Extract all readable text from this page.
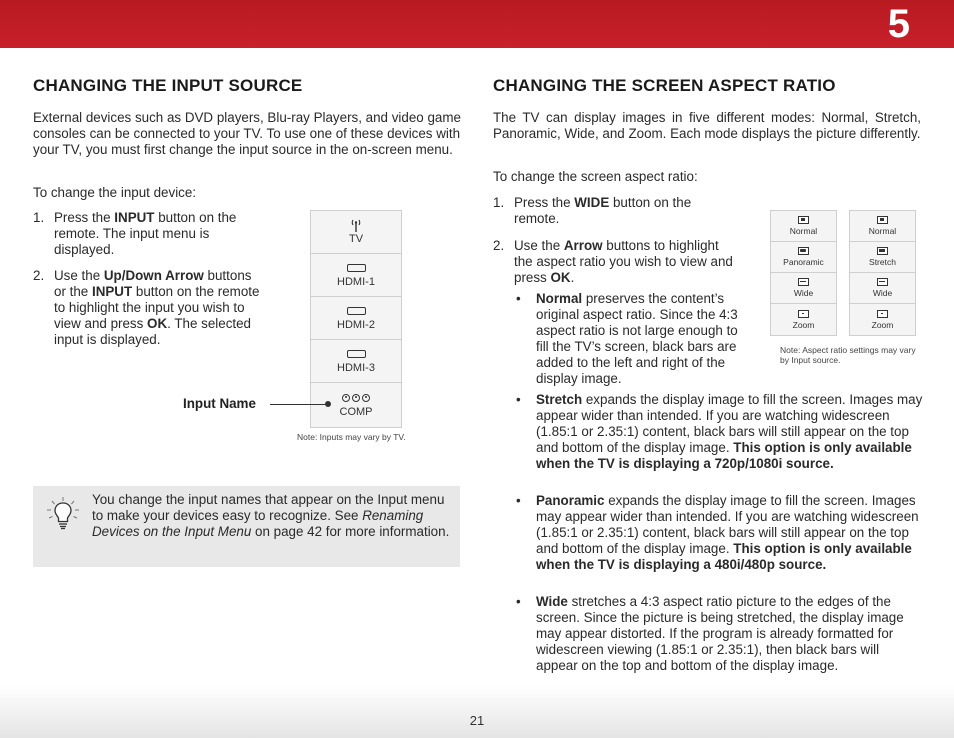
5
CHANGING THE INPUT SOURCE
External devices such as DVD players, Blu-ray Players, and video game consoles can be connected to your TV. To use one of these devices with your TV, you must first change the input source in the on-screen menu.
To change the input device:
1. Press the INPUT button on the remote. The input menu is displayed.
2. Use the Up/Down Arrow buttons or the INPUT button on the remote to highlight the input you wish to view and press OK. The selected input is displayed.
TV
HDMI-1
HDMI-2
HDMI-3
COMP
Input Name
Note: Inputs may vary by TV.
You change the input names that appear on the Input menu to make your devices easy to recognize. See Renaming Devices on the Input Menu on page 42 for more information.
CHANGING THE SCREEN ASPECT RATIO
The TV can display images in five different modes: Normal, Stretch, Panoramic, Wide, and Zoom. Each mode displays the picture differently.
To change the screen aspect ratio:
1. Press the WIDE button on the remote.
2. Use the Arrow buttons to highlight the aspect ratio you wish to view and press OK.
• Normal preserves the content’s original aspect ratio. Since the 4:3 aspect ratio is not large enough to fill the TV’s screen, black bars are added to the left and right of the display image.
• Stretch expands the display image to fill the screen. Images may appear wider than intended. If you are watching widescreen (1.85:1 or 2.35:1) content, black bars will still appear on the top and bottom of the display image. This option is only available when the TV is displaying a 720p/1080i source.
• Panoramic expands the display image to fill the screen. Images may appear wider than intended. If you are watching widescreen (1.85:1 or 2.35:1) content, black bars will still appear on the top and bottom of the display image. This option is only available when the TV is displaying a 480i/480p source.
• Wide stretches a 4:3 aspect ratio picture to the edges of the screen. Since the picture is being stretched, the display image may appear distorted. If the program is already formatted for widescreen viewing (1.85:1 or 2.35:1), then black bars will appear on the top and bottom of the display image.
Normal
Panoramic
Wide
Zoom
Normal
Stretch
Wide
Zoom
Note: Aspect ratio settings may vary by Input source.
21
